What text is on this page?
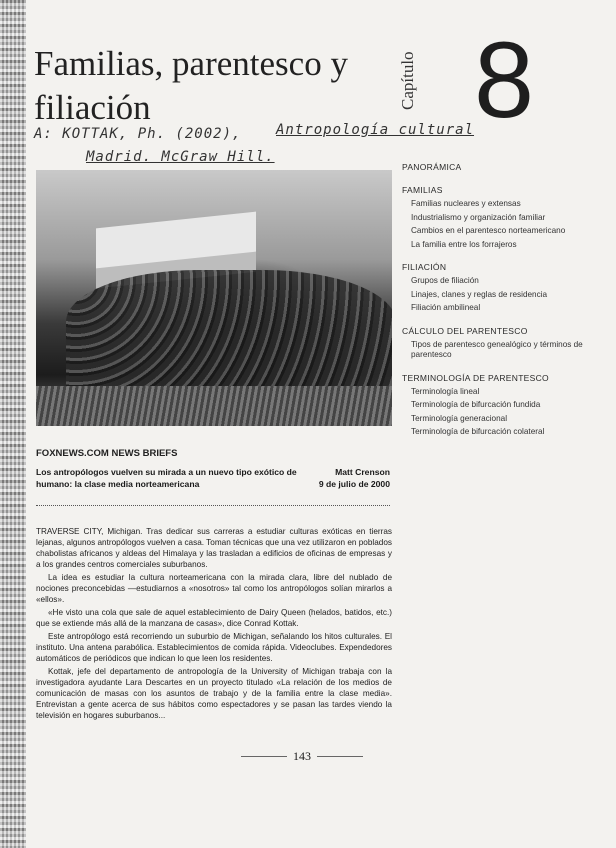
Familias, parentesco y filiación
A: KOTTAK, Ph. (2002), Antropología cultural
Madrid. McGraw Hill.
Capítulo 8
PANORÁMICA
FAMILIAS
Familias nucleares y extensas
Industrialismo y organización familiar
Cambios en el parentesco norteamericano
La familia entre los forrajeros
FILIACIÓN
Grupos de filiación
Linajes, clanes y reglas de residencia
Filiación ambilineal
CÁLCULO DEL PARENTESCO
Tipos de parentesco genealógico y términos de parentesco
TERMINOLOGÍA DE PARENTESCO
Terminología lineal
Terminología de bifurcación fundida
Terminología generacional
Terminología de bifurcación colateral
FOXNEWS.COM NEWS BRIEFS
Los antropólogos vuelven su mirada a un nuevo tipo exótico de humano: la clase media norteamericana
Matt Crenson
9 de julio de 2000

TRAVERSE CITY, Michigan. Tras dedicar sus carreras a estudiar culturas exóticas en tierras lejanas, algunos antropólogos vuelven a casa. Toman técnicas que una vez utilizaron en poblados chabolistas africanos y aldeas del Himalaya y las trasladan a edificios de oficinas de empresas y a los grandes centros comerciales suburbanos.

La idea es estudiar la cultura norteamericana con la mirada clara, libre del nublado de nociones preconcebidas —estudiarnos a «nosotros» tal como los antropólogos solían mirarlos a «ellos».

«He visto una cola que sale de aquel establecimiento de Dairy Queen (helados, batidos, etc.) que se extiende más allá de la manzana de casas», dice Conrad Kottak.

Este antropólogo está recorriendo un suburbio de Michigan, señalando los hitos culturales. El instituto. Una antena parabólica. Establecimientos de comida rápida. Videoclubes. Expendedores automáticos de periódicos que indican lo que leen los residentes.

Kottak, jefe del departamento de antropología de la University of Michigan trabaja con la investigadora ayudante Lara Descartes en un proyecto titulado «La relación de los medios de comunicación de masas con los asuntos de trabajo y de la familia entre la clase media». Entrevistan a gente acerca de sus hábitos como espectadores y se pasan las tardes viendo la televisión en hogares suburbanos...

143
